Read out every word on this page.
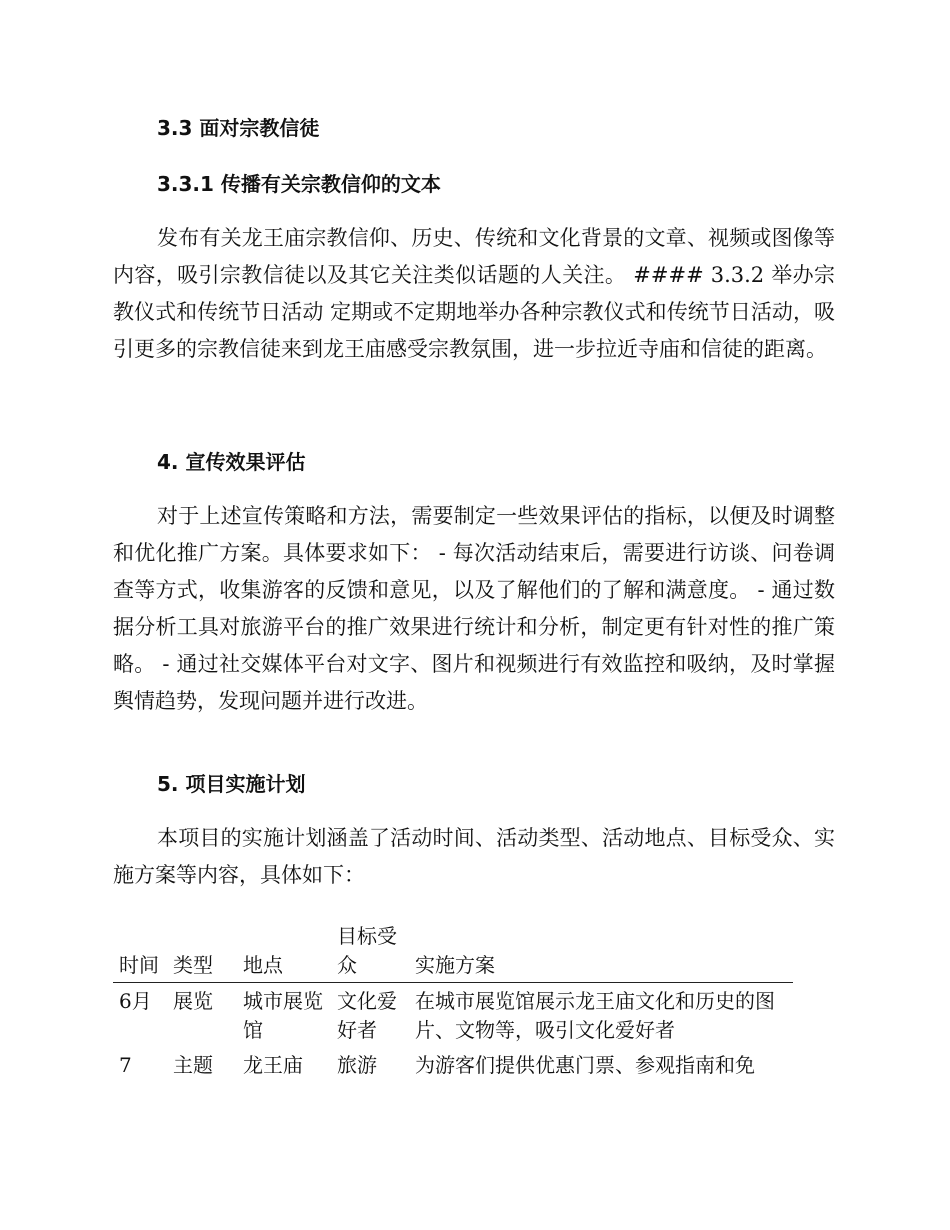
3.3 面对宗教信徒
3.3.1 传播有关宗教信仰的文本

发布有关龙王庙宗教信仰、历史、传统和文化背景的文章、视频或图像等内容，吸引宗教信徒以及其它关注类似话题的人关注。 #### 3.3.2 举办宗教仪式和传统节日活动 定期或不定期地举办各种宗教仪式和传统节日活动，吸引更多的宗教信徒来到龙王庙感受宗教氛围，进一步拉近寺庙和信徒的距离。

4. 宣传效果评估

对于上述宣传策略和方法，需要制定一些效果评估的指标，以便及时调整和优化推广方案。具体要求如下： - 每次活动结束后，需要进行访谈、问卷调查等方式，收集游客的反馈和意见，以及了解他们的了解和满意度。 - 通过数据分析工具对旅游平台的推广效果进行统计和分析，制定更有针对性的推广策略。 - 通过社交媒体平台对文字、图片和视频进行有效监控和吸纳，及时掌握舆情趋势，发现问题并进行改进。

5. 项目实施计划

本项目的实施计划涵盖了活动时间、活动类型、活动地点、目标受众、实施方案等内容，具体如下：

时间	类型	地点	目标受众	实施方案
6月	展览	城市展览馆	文化爱好者	在城市展览馆展示龙王庙文化和历史的图片、文物等，吸引文化爱好者
7	主题	龙王庙	旅游	为游客们提供优惠门票、参观指南和免
